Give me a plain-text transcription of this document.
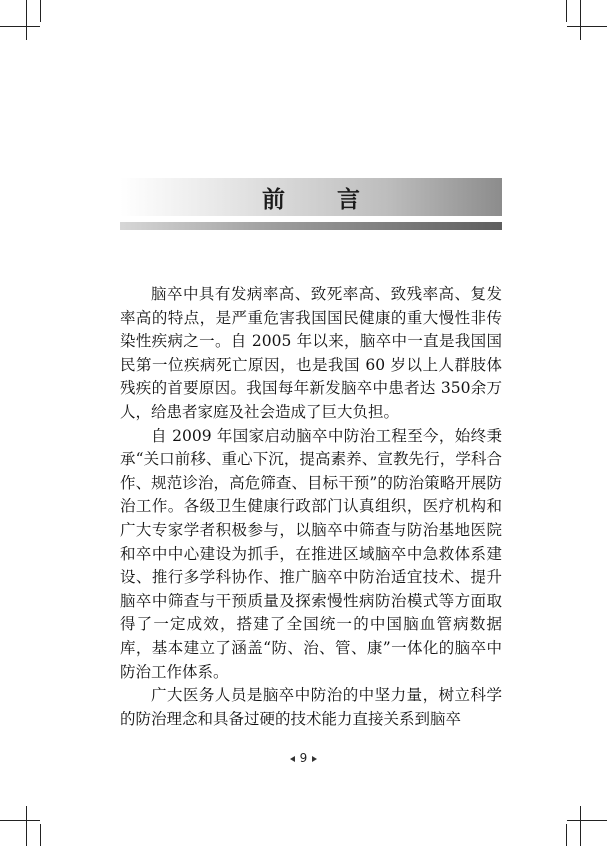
前言

脑卒中具有发病率高、致死率高、致残率高、复发率高的特点，是严重危害我国国民健康的重大慢性非传染性疾病之一。自 2005 年以来，脑卒中一直是我国国民第一位疾病死亡原因，也是我国 60 岁以上人群肢体残疾的首要原因。我国每年新发脑卒中患者达 350余万人，给患者家庭及社会造成了巨大负担。

自 2009 年国家启动脑卒中防治工程至今，始终秉承“关口前移、重心下沉，提高素养、宣教先行，学科合作、规范诊治，高危筛查、目标干预”的防治策略开展防治工作。各级卫生健康行政部门认真组织，医疗机构和广大专家学者积极参与，以脑卒中筛查与防治基地医院和卒中中心建设为抓手，在推进区域脑卒中急救体系建设、推行多学科协作、推广脑卒中防治适宜技术、提升脑卒中筛查与干预质量及探索慢性病防治模式等方面取得了一定成效，搭建了全国统一的中国脑血管病数据库，基本建立了涵盖“防、治、管、康”一体化的脑卒中防治工作体系。

广大医务人员是脑卒中防治的中坚力量，树立科学的防治理念和具备过硬的技术能力直接关系到脑卒

9
